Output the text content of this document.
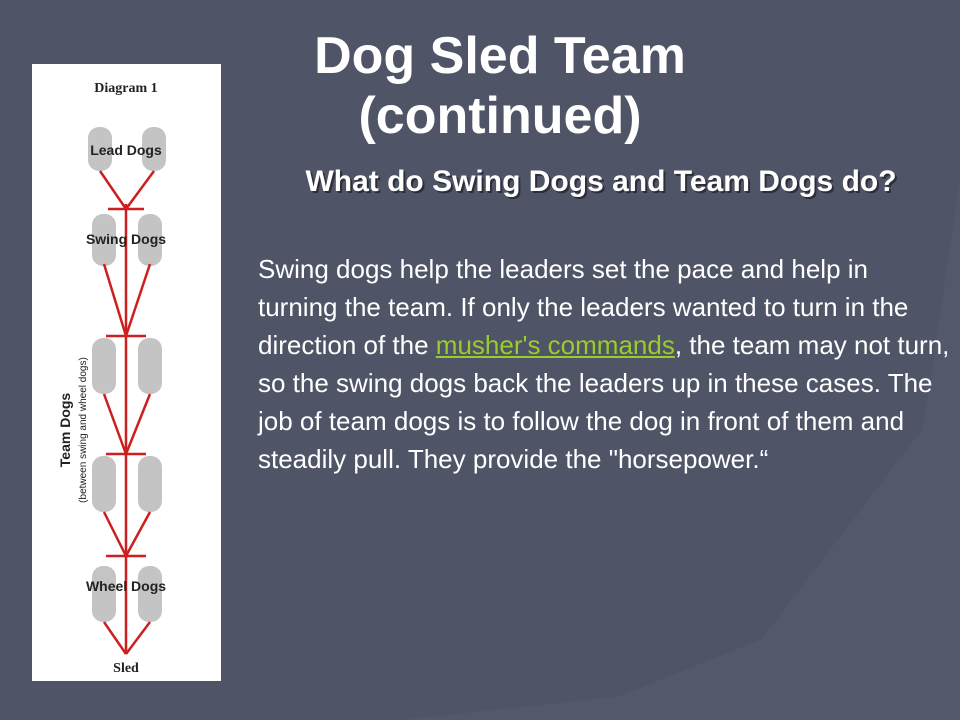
Dog Sled Team
(continued)
Diagram 1
Lead Dogs
Swing Dogs
Wheel Dogs
Sled
Team Dogs (between swing and wheel dogs)
What do Swing Dogs and Team Dogs do?
Swing dogs help the leaders set the pace and help in turning the team. If only the leaders wanted to turn in the direction of the musher's commands, the team may not turn, so the swing dogs back the leaders up in these cases. The job of team dogs is to follow the dog in front of them and steadily pull. They provide the "horsepower.“
